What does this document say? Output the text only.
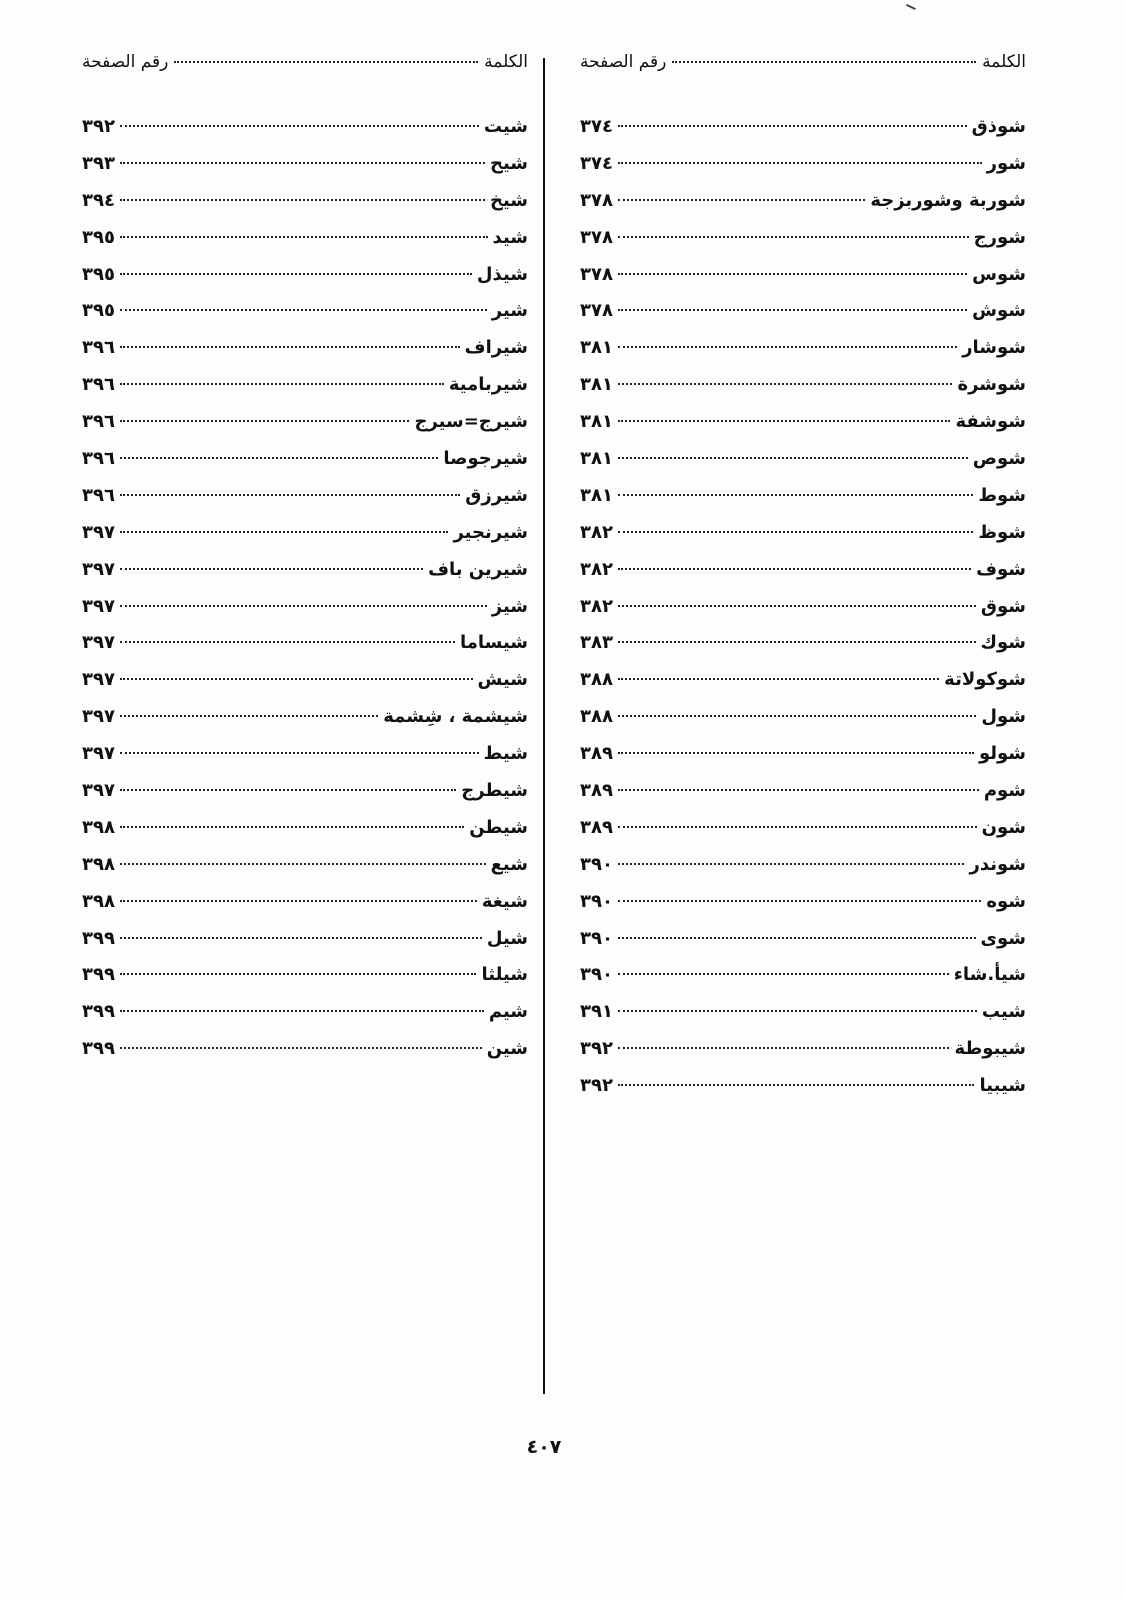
الكلمة
رقم الصفحة
شوذق
٣٧٤
شور
٣٧٤
شوربة وشوربزجة
٣٧٨
شورج
٣٧٨
شوس
٣٧٨
شوش
٣٧٨
شوشار
٣٨١
شوشرة
٣٨١
شوشفة
٣٨١
شوص
٣٨١
شوط
٣٨١
شوظ
٣٨٢
شوف
٣٨٢
شوق
٣٨٢
شوك
٣٨٣
شوكولاتة
٣٨٨
شول
٣٨٨
شولو
٣٨٩
شوم
٣٨٩
شون
٣٨٩
شوندر
٣٩٠
شوه
٣٩٠
شوى
٣٩٠
شيأ.شاء
٣٩٠
شيب
٣٩١
شيبوطة
٣٩٢
شيبيا
٣٩٢
الكلمة
رقم الصفحة
شيت
٣٩٢
شيح
٣٩٣
شيخ
٣٩٤
شيد
٣٩٥
شيذل
٣٩٥
شير
٣٩٥
شيراف
٣٩٦
شيربامية
٣٩٦
شيرج=سيرج
٣٩٦
شيرجوصا
٣٩٦
شيرزق
٣٩٦
شيرنجير
٣٩٧
شيرين باف
٣٩٧
شيز
٣٩٧
شيساما
٣٩٧
شيش
٣٩٧
شيشمة ، شِشمة
٣٩٧
شيط
٣٩٧
شيطرج
٣٩٧
شيطن
٣٩٨
شيع
٣٩٨
شيغة
٣٩٨
شيل
٣٩٩
شيلثا
٣٩٩
شيم
٣٩٩
شين
٣٩٩
٤٠٧
